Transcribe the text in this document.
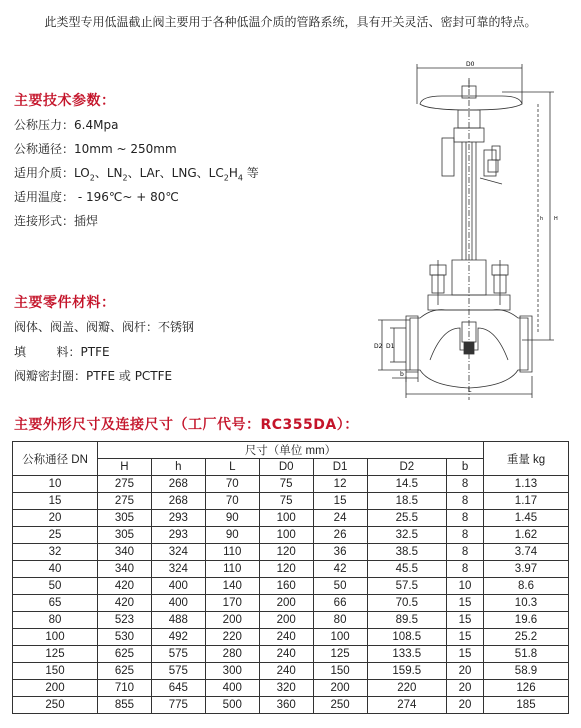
此类型专用低温截止阀主要用于各种低温介质的管路系统，具有开关灵活、密封可靠的特点。
主要技术参数：
公称压力：6.4Mpa
公称通径：10mm ~ 250mm
适用介质：$LO_2$、$LN_2$、LAr、LNG、$LC_2H_4$ 等
适用温度： - 196℃~ + 80℃
连接形式：插焊
主要零件材料：
阀体、阀盖、阀瓣、阀杆：不锈钢
填        料：PTFE
阀瓣密封圈：PTFE 或 PCTFE
D0
H
h
D2 D1
b
L
主要外形尺寸及连接尺寸（工厂代号：RC355DA）：
公称通径 DN	尺寸（单位 mm）							重量 kg
	H	h	L	D0	D1	D2	b	
10	275	268	70	75	12	14.5	8	1.13
15	275	268	70	75	15	18.5	8	1.17
20	305	293	90	100	24	25.5	8	1.45
25	305	293	90	100	26	32.5	8	1.62
32	340	324	110	120	36	38.5	8	3.74
40	340	324	110	120	42	45.5	8	3.97
50	420	400	140	160	50	57.5	10	8.6
65	420	400	170	200	66	70.5	15	10.3
80	523	488	200	200	80	89.5	15	19.6
100	530	492	220	240	100	108.5	15	25.2
125	625	575	280	240	125	133.5	15	51.8
150	625	575	300	240	150	159.5	20	58.9
200	710	645	400	320	200	220	20	126
250	855	775	500	360	250	274	20	185
